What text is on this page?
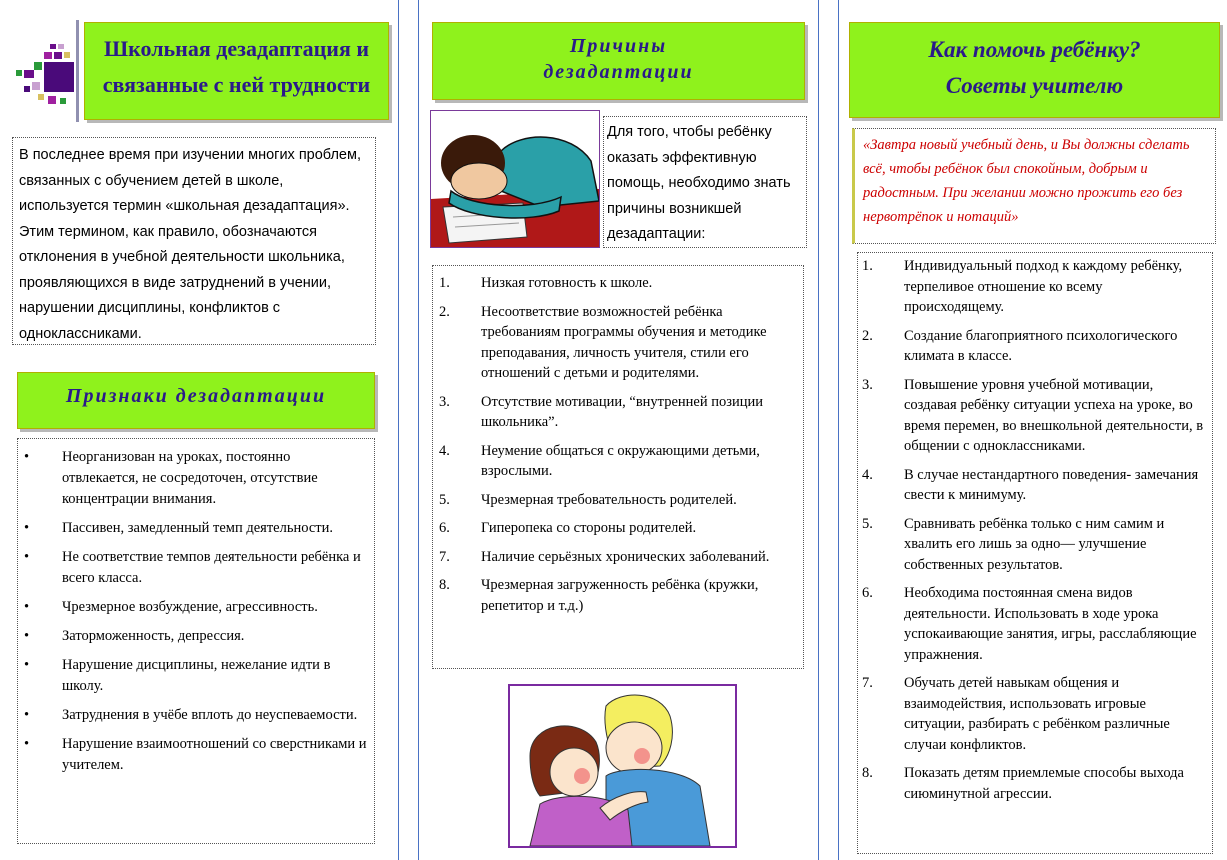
Школьная дезадаптация и связанные с ней трудности
В последнее время при изучении многих проблем, связанных с обучением детей в школе, используется термин «школьная дезадаптация». Этим термином, как правило, обозначаются отклонения в учебной деятельности школьника, проявляющихся в виде затруднений в учении, нарушении дисциплины, конфликтов с одноклассниками.
Признаки дезадаптации
•	Неорганизован на уроках, постоянно отвлекается, не сосредоточен, отсутствие концентрации внимания.
•	Пассивен, замедленный темп деятельности.
•	Не соответствие темпов деятельности ребёнка и всего класса.
•	Чрезмерное возбуждение, агрессивность.
•	Заторможенность, депрессия.
•	Нарушение дисциплины, нежелание идти в школу.
•	Затруднения в учёбе вплоть до неуспеваемости.
•	Нарушение взаимоотношений со сверстниками и учителем.
Причины
дезадаптации
Для того, чтобы ребёнку оказать эффективную помощь, необходимо знать причины возникшей дезадаптации:
1.	Низкая готовность к школе.
2.	Несоответствие возможностей ребёнка требованиям программы обучения и методике преподавания, личность учителя, стили его отношений с детьми и родителями.
3.	Отсутствие мотивации, “внутренней позиции школьника”.
4.	Неумение общаться с окружающими детьми, взрослыми.
5.	Чрезмерная требовательность родителей.
6.	Гиперопека со стороны родителей.
7.	Наличие серьёзных хронических заболеваний.
8.	Чрезмерная загруженность ребёнка (кружки, репетитор и т.д.)
Как помочь ребёнку?
Советы учителю
«Завтра новый учебный день, и Вы должны сделать всё, чтобы ребёнок был спокойным, добрым и радостным. При желании можно прожить его без нервотрёпок и нотаций»
1.	Индивидуальный подход к каждому ребёнку, терпеливое отношение ко всему происходящему.
2.	Создание благоприятного психологического климата в классе.
3.	Повышение уровня учебной мотивации, создавая ребёнку ситуации успеха на уроке, во время перемен, во внешкольной деятельности, в общении с одноклассниками.
4.	В случае нестандартного поведения- замечания свести к минимуму.
5.	Сравнивать ребёнка только с ним самим и хвалить его лишь за одно— улучшение собственных результатов.
6.	Необходима постоянная смена видов деятельности. Использовать в ходе урока успокаивающие занятия, игры, расслабляющие упражнения.
7.	Обучать детей навыкам общения и взаимодействия, использовать игровые ситуации, разбирать с ребёнком различные случаи конфликтов.
8.	Показать детям приемлемые способы выхода сиюминутной агрессии.
